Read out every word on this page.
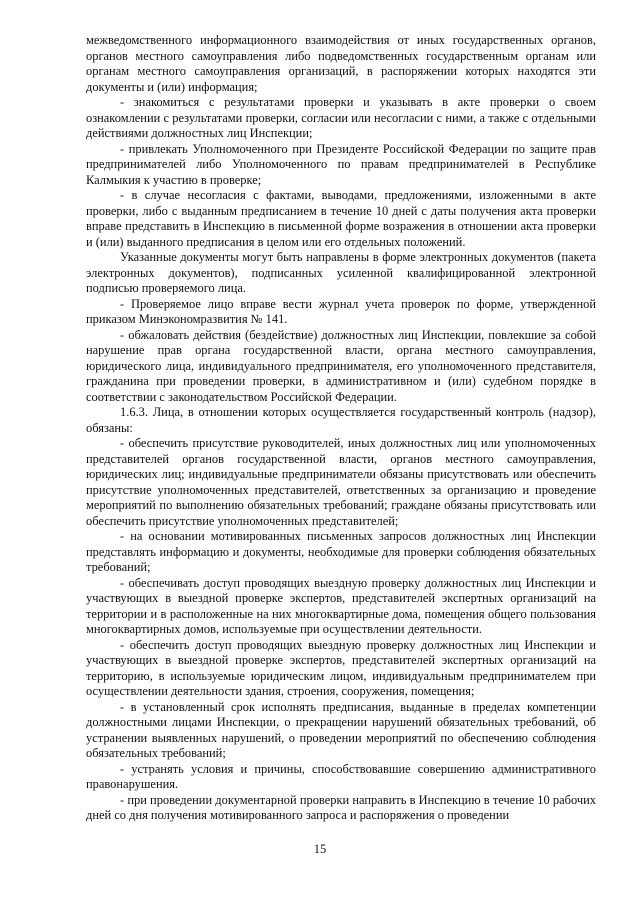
межведомственного информационного взаимодействия от иных государственных органов, органов местного самоуправления либо подведомственных государственным органам или органам местного самоуправления организаций, в распоряжении которых находятся эти документы и (или) информация;

- знакомиться с результатами проверки и указывать в акте проверки о своем ознакомлении с результатами проверки, согласии или несогласии с ними, а также с отдельными действиями должностных лиц Инспекции;

- привлекать Уполномоченного при Президенте Российской Федерации по защите прав предпринимателей либо Уполномоченного по правам предпринимателей в Республике Калмыкия к участию в проверке;

- в случае несогласия с фактами, выводами, предложениями, изложенными в акте проверки, либо с выданным предписанием в течение 10 дней с даты получения акта проверки вправе представить в Инспекцию в письменной форме возражения в отношении акта проверки и (или) выданного предписания в целом или его отдельных положений.

Указанные документы могут быть направлены в форме электронных документов (пакета электронных документов), подписанных усиленной квалифицированной электронной подписью проверяемого лица.

- Проверяемое лицо вправе вести журнал учета проверок по форме, утвержденной приказом Минэкономразвития № 141.

- обжаловать действия (бездействие) должностных лиц Инспекции, повлекшие за собой нарушение прав органа государственной власти, органа местного самоуправления, юридического лица, индивидуального предпринимателя, его уполномоченного представителя, гражданина при проведении проверки, в административном и (или) судебном порядке в соответствии с законодательством Российской Федерации.

1.6.3. Лица, в отношении которых осуществляется государственный контроль (надзор), обязаны:

- обеспечить присутствие руководителей, иных должностных лиц или уполномоченных представителей органов государственной власти, органов местного самоуправления, юридических лиц; индивидуальные предприниматели обязаны присутствовать или обеспечить присутствие уполномоченных представителей, ответственных за организацию и проведение мероприятий по выполнению обязательных требований; граждане обязаны присутствовать или обеспечить присутствие уполномоченных представителей;

- на основании мотивированных письменных запросов должностных лиц Инспекции представлять информацию и документы, необходимые для проверки соблюдения обязательных требований;

- обеспечивать доступ проводящих выездную проверку должностных лиц Инспекции и участвующих в выездной проверке экспертов, представителей экспертных организаций на территории и в расположенные на них многоквартирные дома, помещения общего пользования многоквартирных домов, используемые при осуществлении деятельности.

- обеспечить доступ проводящих выездную проверку должностных лиц Инспекции и участвующих в выездной проверке экспертов, представителей экспертных организаций на территорию, в используемые юридическим лицом, индивидуальным предпринимателем при осуществлении деятельности здания, строения, сооружения, помещения;

- в установленный срок исполнять предписания, выданные в пределах компетенции должностными лицами Инспекции, о прекращении нарушений обязательных требований, об устранении выявленных нарушений, о проведении мероприятий по обеспечению соблюдения обязательных требований;

- устранять условия и причины, способствовавшие совершению административного правонарушения.

- при проведении документарной проверки направить в Инспекцию в течение 10 рабочих дней со дня получения мотивированного запроса и распоряжения о проведении

15
